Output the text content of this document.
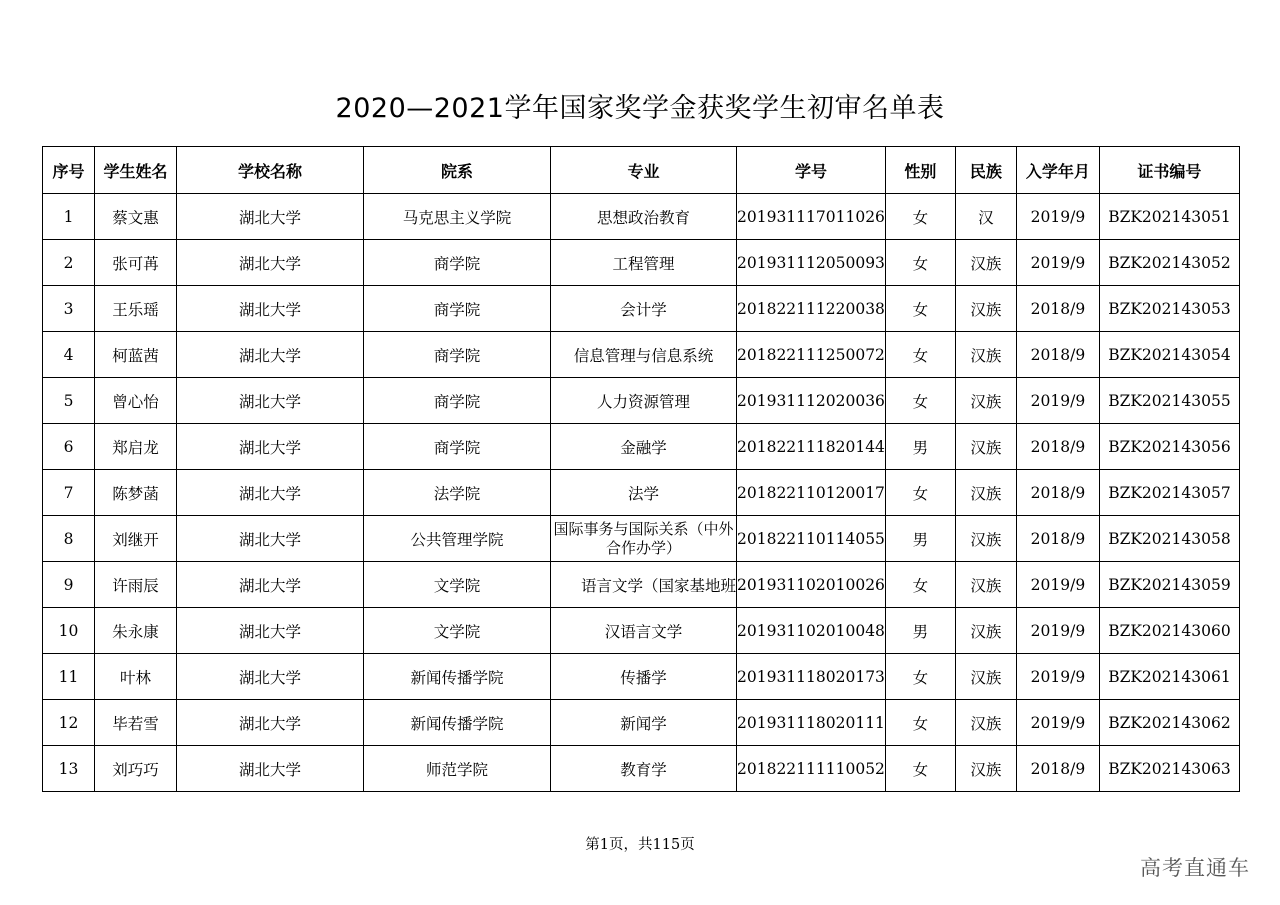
2020—2021学年国家奖学金获奖学生初审名单表
序号	学生姓名	学校名称	院系	专业	学号	性别	民族	入学年月	证书编号
1	蔡文惠	湖北大学	马克思主义学院	思想政治教育	201931117011026	女	汉	2019/9	BZK202143051
2	张可苒	湖北大学	商学院	工程管理	201931112050093	女	汉族	2019/9	BZK202143052
3	王乐瑶	湖北大学	商学院	会计学	201822111220038	女	汉族	2018/9	BZK202143053
4	柯蓝茜	湖北大学	商学院	信息管理与信息系统	201822111250072	女	汉族	2018/9	BZK202143054
5	曾心怡	湖北大学	商学院	人力资源管理	201931112020036	女	汉族	2019/9	BZK202143055
6	郑启龙	湖北大学	商学院	金融学	201822111820144	男	汉族	2018/9	BZK202143056
7	陈梦菡	湖北大学	法学院	法学	201822110120017	女	汉族	2018/9	BZK202143057
8	刘继开	湖北大学	公共管理学院	国际事务与国际关系（中外合作办学）	201822110114055	男	汉族	2018/9	BZK202143058
9	许雨辰	湖北大学	文学院	语言文学（国家基地班	201931102010026	女	汉族	2019/9	BZK202143059
10	朱永康	湖北大学	文学院	汉语言文学	201931102010048	男	汉族	2019/9	BZK202143060
11	叶林	湖北大学	新闻传播学院	传播学	201931118020173	女	汉族	2019/9	BZK202143061
12	毕若雪	湖北大学	新闻传播学院	新闻学	201931118020111	女	汉族	2019/9	BZK202143062
13	刘巧巧	湖北大学	师范学院	教育学	201822111110052	女	汉族	2018/9	BZK202143063
第1页，共115页
高考直通车
